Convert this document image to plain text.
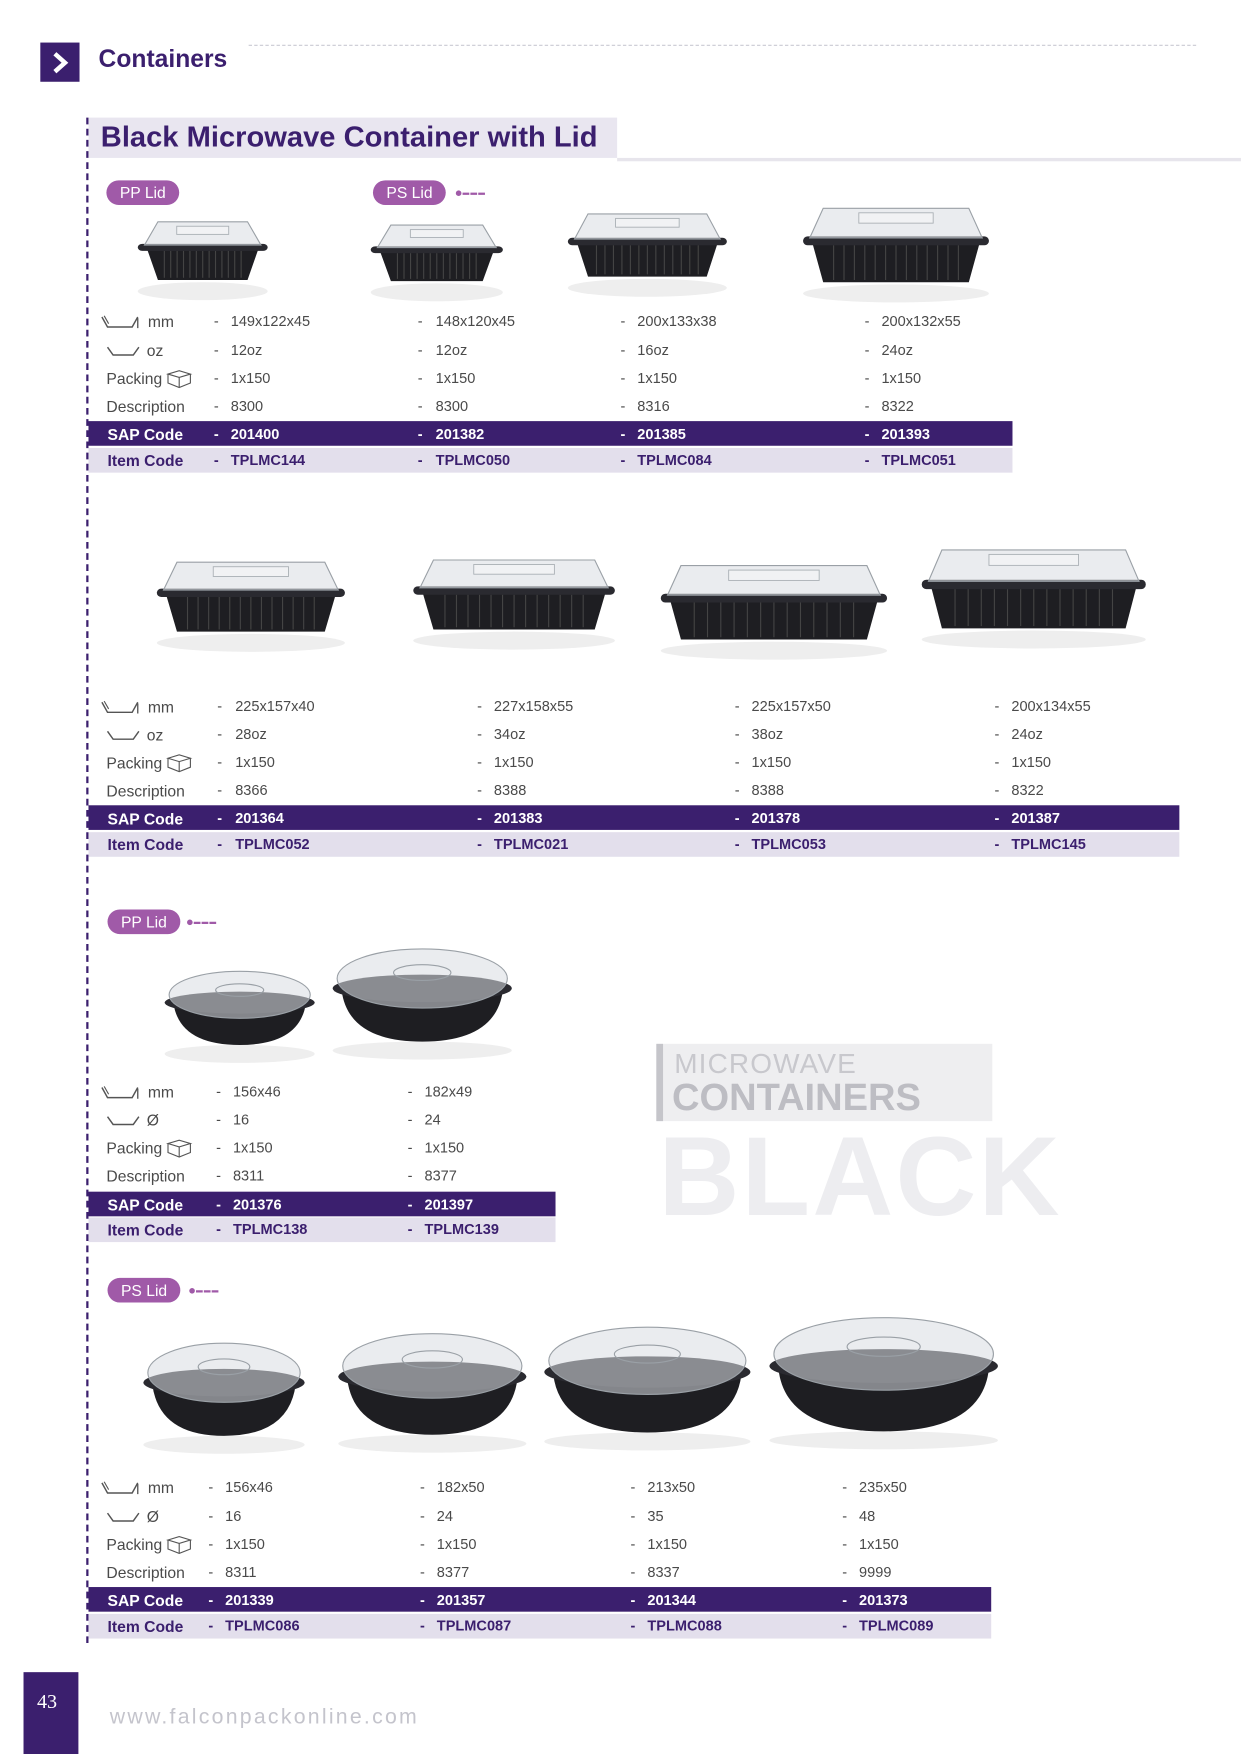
Containers
Black Microwave Container with Lid
PP Lid	PS Lid
PP Lid
PS Lid
MICROWAVE
CONTAINERS
BLACK
43
www.falconpackonline.com
mm
oz
Packing
Description
SAP Code
Item Code
- 149x122x45
- 12oz
- 1x150
- 8300
- 201400
- TPLMC144
- 148x120x45
- 12oz
- 1x150
- 8300
- 201382
- TPLMC050
- 200x133x38
- 16oz
- 1x150
- 8316
- 201385
- TPLMC084
- 200x132x55
- 24oz
- 1x150
- 8322
- 201393
- TPLMC051
mm
oz
Packing
Description
SAP Code
Item Code
- 225x157x40
- 28oz
- 1x150
- 8366
- 201364
- TPLMC052
- 227x158x55
- 34oz
- 1x150
- 8388
- 201383
- TPLMC021
- 225x157x50
- 38oz
- 1x150
- 8388
- 201378
- TPLMC053
- 200x134x55
- 24oz
- 1x150
- 8322
- 201387
- TPLMC145
mm
Ø
Packing
Description
SAP Code
Item Code
- 156x46
- 16
- 1x150
- 8311
- 201376
- TPLMC138
- 182x49
- 24
- 1x150
- 8377
- 201397
- TPLMC139
mm
Ø
Packing
Description
SAP Code
Item Code
- 156x46
- 16
- 1x150
- 8311
- 201339
- TPLMC086
- 182x50
- 24
- 1x150
- 8377
- 201357
- TPLMC087
- 213x50
- 35
- 1x150
- 8337
- 201344
- TPLMC088
- 235x50
- 48
- 1x150
- 9999
- 201373
- TPLMC089
